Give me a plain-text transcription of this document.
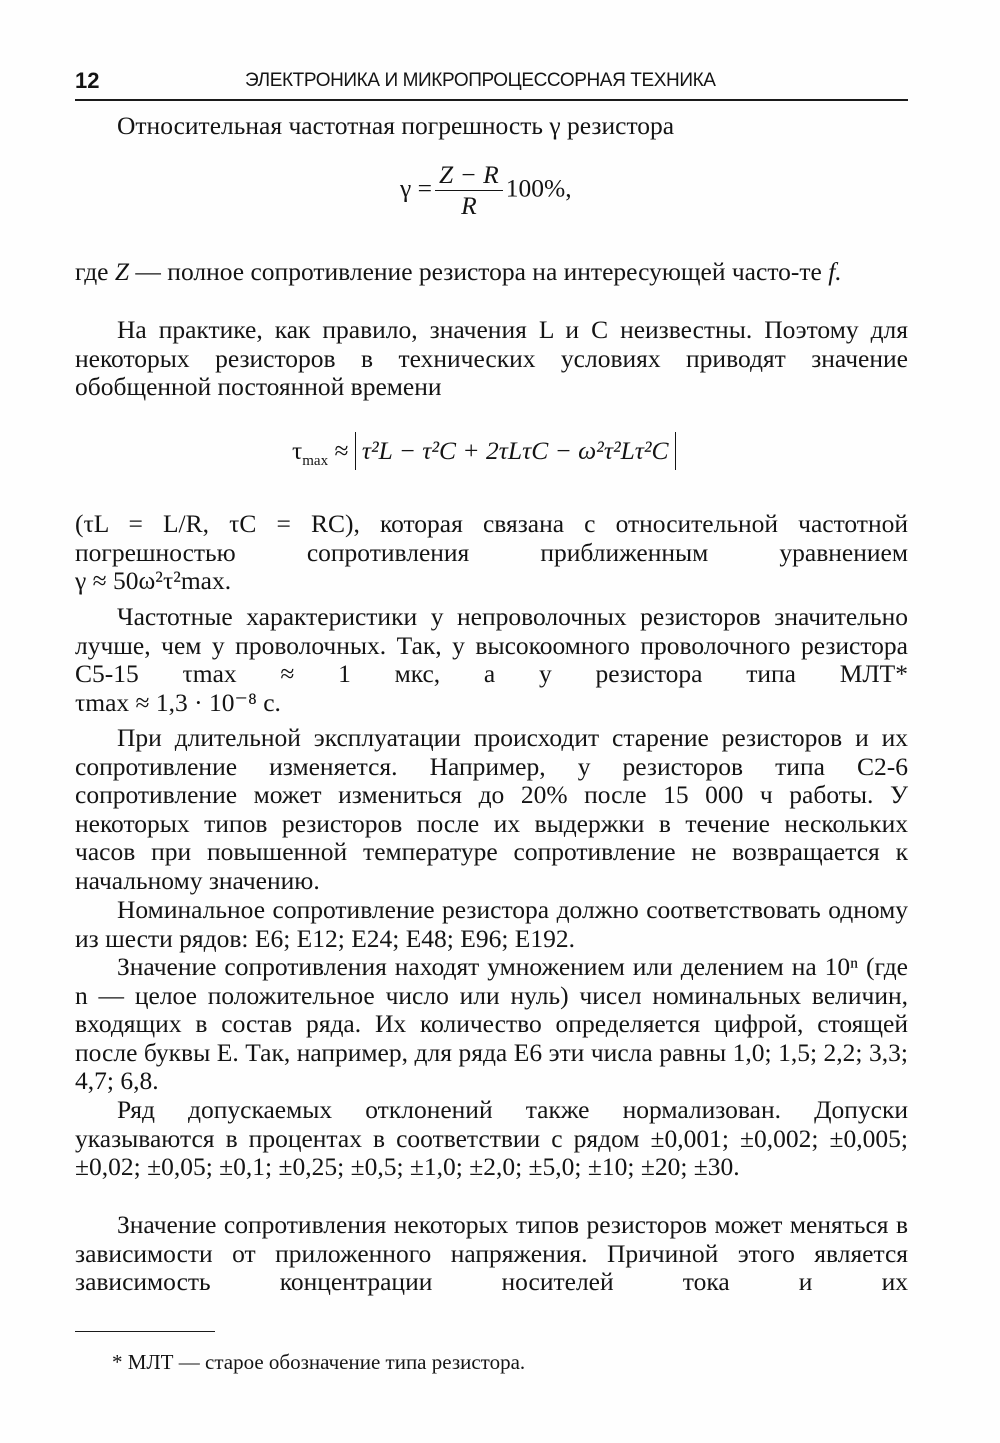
12	ЭЛЕКТРОНИКА И МИКРОПРОЦЕССОРНАЯ ТЕХНИКА
Относительная частотная погрешность γ резистора
$\gamma = \frac{Z - R}{R} 100\%$,
где Z — полное сопротивление резистора на интересующей часто-те f.
На практике, как правило, значения L и C неизвестны. Поэтому для некоторых резисторов в технических условиях приводят значение обобщенной постоянной времени
$\tau_{max} \approx \tau^2L - \tau^2C + 2\tau L\tau C - \omega^2\tau^2L\tau^2C$
(τL = L/R, τC = RC), которая связана с относительной частотной погрешностью сопротивления приближенным уравнением
γ ≈ 50ω²τ²max.
Частотные характеристики у непроволочных резисторов значительно лучше, чем у проволочных. Так, у высокоомного проволочного резистора С5-15 τmax ≈ 1 мкс, а у резистора типа МЛТ*
τmax ≈ 1,3 · 10⁻⁸ с.
При длительной эксплуатации происходит старение резисторов и их сопротивление изменяется. Например, у резисторов типа С2-6 сопротивление может измениться до 20% после 15 000 ч работы. У некоторых типов резисторов после их выдержки в течение нескольких часов при повышенной температуре сопротивление не возвращается к начальному значению.
Номинальное сопротивление резистора должно соответствовать одному из шести рядов: Е6; Е12; Е24; Е48; Е96; Е192.
Значение сопротивления находят умножением или делением на 10ⁿ (где n — целое положительное число или нуль) чисел номинальных величин, входящих в состав ряда. Их количество определяется цифрой, стоящей после буквы Е. Так, например, для ряда Е6 эти числа равны 1,0; 1,5; 2,2; 3,3; 4,7; 6,8.
Ряд допускаемых отклонений также нормализован. Допуски указываются в процентах в соответствии с рядом ±0,001; ±0,002; ±0,005; ±0,02; ±0,05; ±0,1; ±0,25; ±0,5; ±1,0; ±2,0; ±5,0; ±10; ±20; ±30.
Значение сопротивления некоторых типов резисторов может меняться в зависимости от приложенного напряжения. Причиной этого является зависимость концентрации носителей тока и их
* МЛТ — старое обозначение типа резистора.
